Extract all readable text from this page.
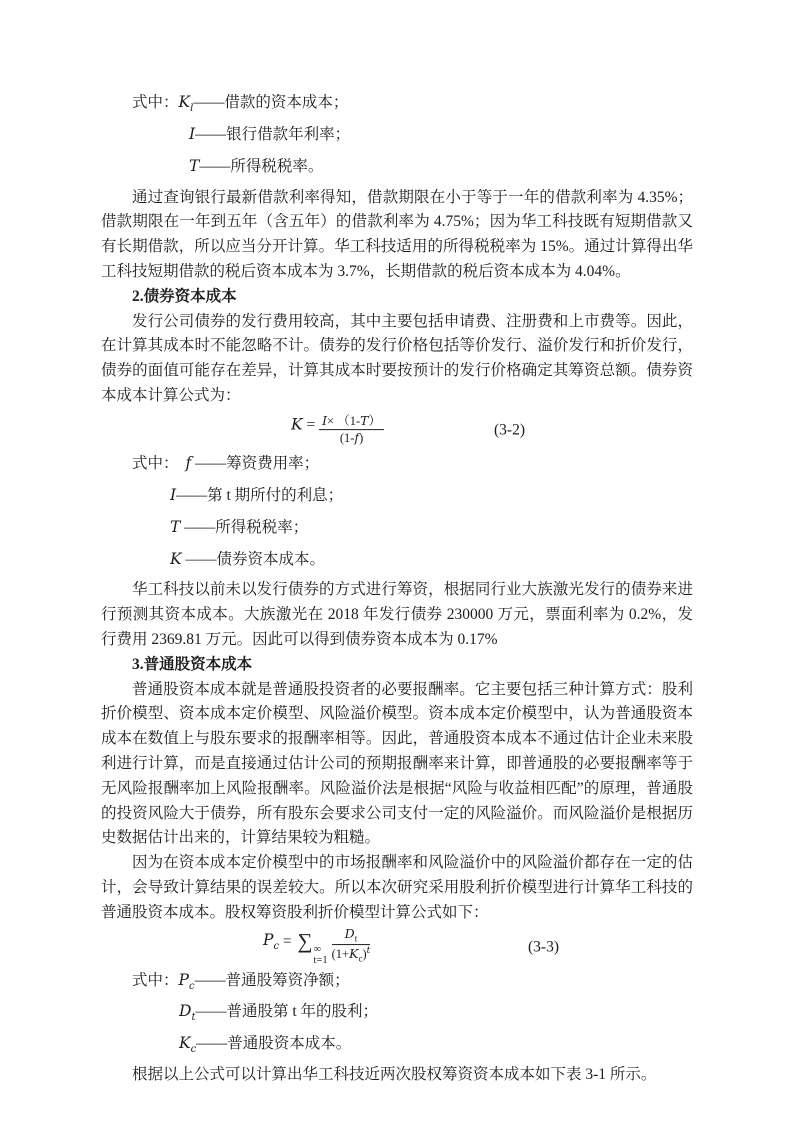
式中：$K_l——$借款的资本成本；

I——银行借款年利率；

T——所得税税率。

通过查询银行最新借款利率得知，借款期限在小于等于一年的借款利率为 4.35%；借款期限在一年到五年（含五年）的借款利率为 4.75%；因为华工科技既有短期借款又有长期借款，所以应当分开计算。华工科技适用的所得税税率为 15%。通过计算得出华工科技短期借款的税后资本成本为 3.7%，长期借款的税后资本成本为 4.04%。

2.债券资本成本

发行公司债券的发行费用较高，其中主要包括申请费、注册费和上市费等。因此，在计算其成本时不能忽略不计。债券的发行价格包括等价发行、溢价发行和折价发行，债券的面值可能存在差异，计算其成本时要按预计的发行价格确定其筹资总额。债券资本成本计算公式为：

$K = \frac{I\times (1-T)}{(1-f)}$	(3-2)

式中： f ——筹资费用率；

I——第 t 期所付的利息；

T ——所得税税率；

K ——债券资本成本。

华工科技以前未以发行债券的方式进行筹资，根据同行业大族激光发行的债券来进行预测其资本成本。大族激光在 2018 年发行债券 230000 万元，票面利率为 0.2%，发行费用 2369.81 万元。因此可以得到债券资本成本为 0.17%

3.普通股资本成本

普通股资本成本就是普通股投资者的必要报酬率。它主要包括三种计算方式：股利折价模型、资本成本定价模型、风险溢价模型。资本成本定价模型中，认为普通股资本成本在数值上与股东要求的报酬率相等。因此，普通股资本成本不通过估计企业未来股利进行计算，而是直接通过估计公司的预期报酬率来计算，即普通股的必要报酬率等于无风险报酬率加上风险报酬率。风险溢价法是根据“风险与收益相匹配”的原理，普通股的投资风险大于债券，所有股东会要求公司支付一定的风险溢价。而风险溢价是根据历史数据估计出来的，计算结果较为粗糙。

因为在资本成本定价模型中的市场报酬率和风险溢价中的风险溢价都存在一定的估计，会导致计算结果的误差较大。所以本次研究采用股利折价模型进行计算华工科技的普通股资本成本。股权筹资股利折价模型计算公式如下：

$P_c$ = ∑ ∞
$t=1 \frac{D_t}{(1+K_c)^t}$	(3-3)

式中：$P_c——$普通股筹资净额；

$D_t——$普通股第 t 年的股利；

$K_c——$普通股资本成本。

根据以上公式可以计算出华工科技近两次股权筹资资本成本如下表 3-1 所示。
